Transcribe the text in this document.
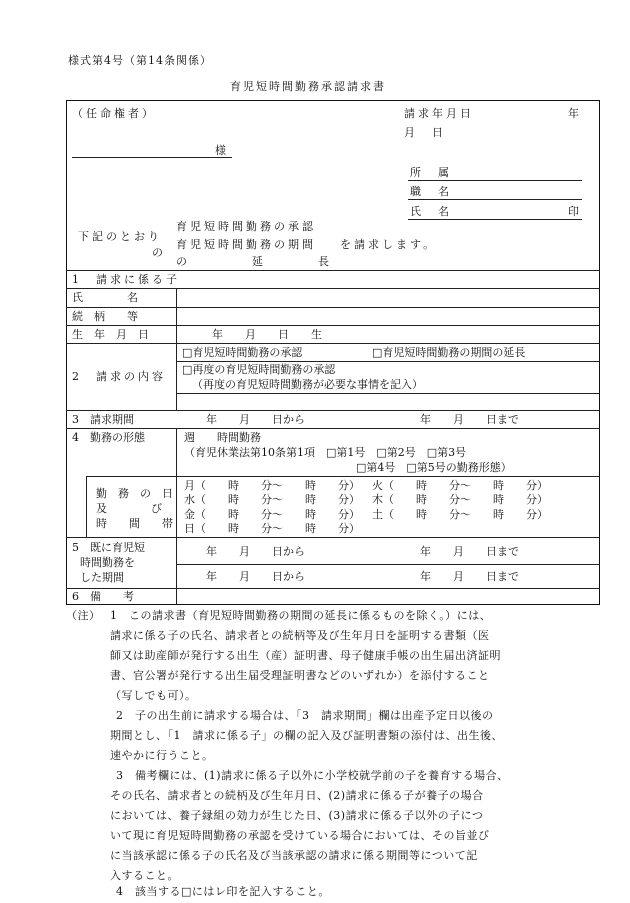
様式第4号（第14条関係）
育児短時間勤務承認請求書
（任命権者）	請求年月日	年
月　日
様
所　属
職　名
氏　名	印
下記のとおり
の
育児短時間勤務の承認
育児短時間勤務の期間
の	延	長
を請求します。
1　請求に係る子
氏　　　　名
続　柄　　等
生　年　月　日	年　　月　　日　　生
2　請求の内容
□育児短時間勤務の承認	□育児短時間勤務の期間の延長
□再度の育児短時間勤務の承認
（再度の育児短時間勤務が必要な事情を記入）
3　請求期間	年　　月　　日から	年　　月　　日まで
4　勤務の形態	週　　時間勤務
（育児休業法第10条第1項　□第1号　□第2号　□第3号
□第4号　□第5号の勤務形態）
勤　務　の　日
及　　　　び
時　　間　　帯
月（　　時　　分～　　時　　分） 火（　　時　　分～　　時　　分）
水（　　時　　分～　　時　　分） 木（　　時　　分～　　時　　分）
金（　　時　　分～　　時　　分） 土（　　時　　分～　　時　　分）
日（　　時　　分～　　時　　分）
5　既に育児短
時間勤務を
した期間
年　　月　　日から	年　　月　　日まで
年　　月　　日から	年　　月　　日まで
6　備　　考
（注） 1　この請求書（育児短時間勤務の期間の延長に係るものを除く。）には、
請求に係る子の氏名、請求者との続柄等及び生年月日を証明する書類（医
師又は助産師が発行する出生（産）証明書、母子健康手帳の出生届出済証明
書、官公署が発行する出生届受理証明書などのいずれか）を添付すること
（写しでも可）。
2　子の出生前に請求する場合は、「3　請求期間」欄は出産予定日以後の
期間とし、「1　請求に係る子」の欄の記入及び証明書類の添付は、出生後、
速やかに行うこと。
3　備考欄には、(1)請求に係る子以外に小学校就学前の子を養育する場合、
その氏名、請求者との続柄及び生年月日、(2)請求に係る子が養子の場合
においては、養子縁組の効力が生じた日、(3)請求に係る子以外の子につ
いて現に育児短時間勤務の承認を受けている場合においては、その旨並び
に当該承認に係る子の氏名及び当該承認の請求に係る期間等について記
入すること。
4　該当する□にはレ印を記入すること。
